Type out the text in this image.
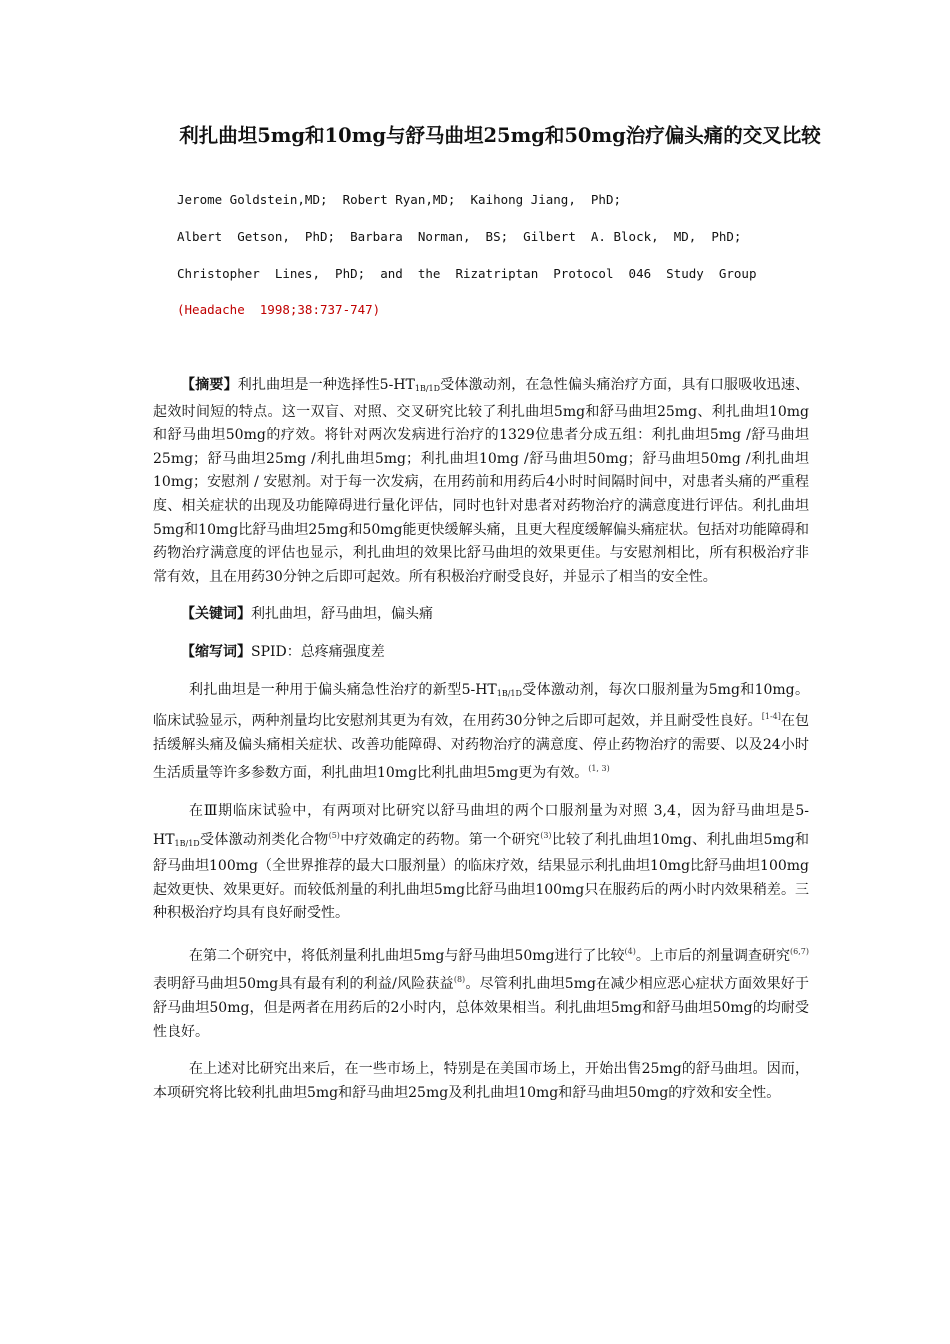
利扎曲坦5mg和10mg与舒马曲坦25mg和50mg治疗偏头痛的交叉比较
Jerome Goldstein,MD;  Robert Ryan,MD;  Kaihong Jiang,  PhD;
Albert  Getson,  PhD;  Barbara  Norman,  BS;  Gilbert  A. Block,  MD,  PhD;
Christopher  Lines,  PhD;  and  the  Rizatriptan  Protocol  046  Study  Group
(Headache  1998;38:737-747)

【摘要】利扎曲坦是一种选择性$5-HT_{1B/1D}$受体激动剂，在急性偏头痛治疗方面，具有口服吸收迅速、起效时间短的特点。这一双盲、对照、交叉研究比较了利扎曲坦5mg和舒马曲坦25mg、利扎曲坦10mg和舒马曲坦50mg的疗效。将针对两次发病进行治疗的1329位患者分成五组：利扎曲坦5mg /舒马曲坦25mg；舒马曲坦25mg /利扎曲坦5mg；利扎曲坦10mg /舒马曲坦50mg；舒马曲坦50mg /利扎曲坦10mg；安慰剂 / 安慰剂。对于每一次发病，在用药前和用药后4小时时间隔时间中，对患者头痛的严重程度、相关症状的出现及功能障碍进行量化评估，同时也针对患者对药物治疗的满意度进行评估。利扎曲坦5mg和10mg比舒马曲坦25mg和50mg能更快缓解头痛，且更大程度缓解偏头痛症状。包括对功能障碍和药物治疗满意度的评估也显示，利扎曲坦的效果比舒马曲坦的效果更佳。与安慰剂相比，所有积极治疗非常有效，且在用药30分钟之后即可起效。所有积极治疗耐受良好，并显示了相当的安全性。

【关键词】利扎曲坦，舒马曲坦，偏头痛

【缩写词】SPID：总疼痛强度差

利扎曲坦是一种用于偏头痛急性治疗的新型$5-HT_{1B/1D}$受体激动剂，每次口服剂量为5mg和10mg。临床试验显示，两种剂量均比安慰剂其更为有效，在用药30分钟之后即可起效，并且耐受性良好。[1-4]在包括缓解头痛及偏头痛相关症状、改善功能障碍、对药物治疗的满意度、停止药物治疗的需要、以及24小时生活质量等许多参数方面，利扎曲坦10mg比利扎曲坦5mg更为有效。$^{(1, 3)}$

在Ⅲ期临床试验中，有两项对比研究以舒马曲坦的两个口服剂量为对照 3,4，因为舒马曲坦是$5-HT_{1B/1D}$受体激动剂类化合物$^{(5)}$中疗效确定的药物。第一个研究$^{(3)}$比较了利扎曲坦10mg、利扎曲坦5mg和舒马曲坦100mg（全世界推荐的最大口服剂量）的临床疗效，结果显示利扎曲坦10mg比舒马曲坦100mg起效更快、效果更好。而较低剂量的利扎曲坦5mg比舒马曲坦100mg只在服药后的两小时内效果稍差。三种积极治疗均具有良好耐受性。

在第二个研究中，将低剂量利扎曲坦5mg与舒马曲坦50mg进行了比较$^{(4)}$。上市后的剂量调查研究$^{(6,7)}$表明舒马曲坦50mg具有最有利的利益/风险获益$^{(8)}$。尽管利扎曲坦5mg在减少相应恶心症状方面效果好于舒马曲坦50mg，但是两者在用药后的2小时内，总体效果相当。利扎曲坦5mg和舒马曲坦50mg的均耐受性良好。

在上述对比研究出来后，在一些市场上，特别是在美国市场上，开始出售25mg的舒马曲坦。因而，本项研究将比较利扎曲坦5mg和舒马曲坦25mg及利扎曲坦10mg和舒马曲坦50mg的疗效和安全性。
